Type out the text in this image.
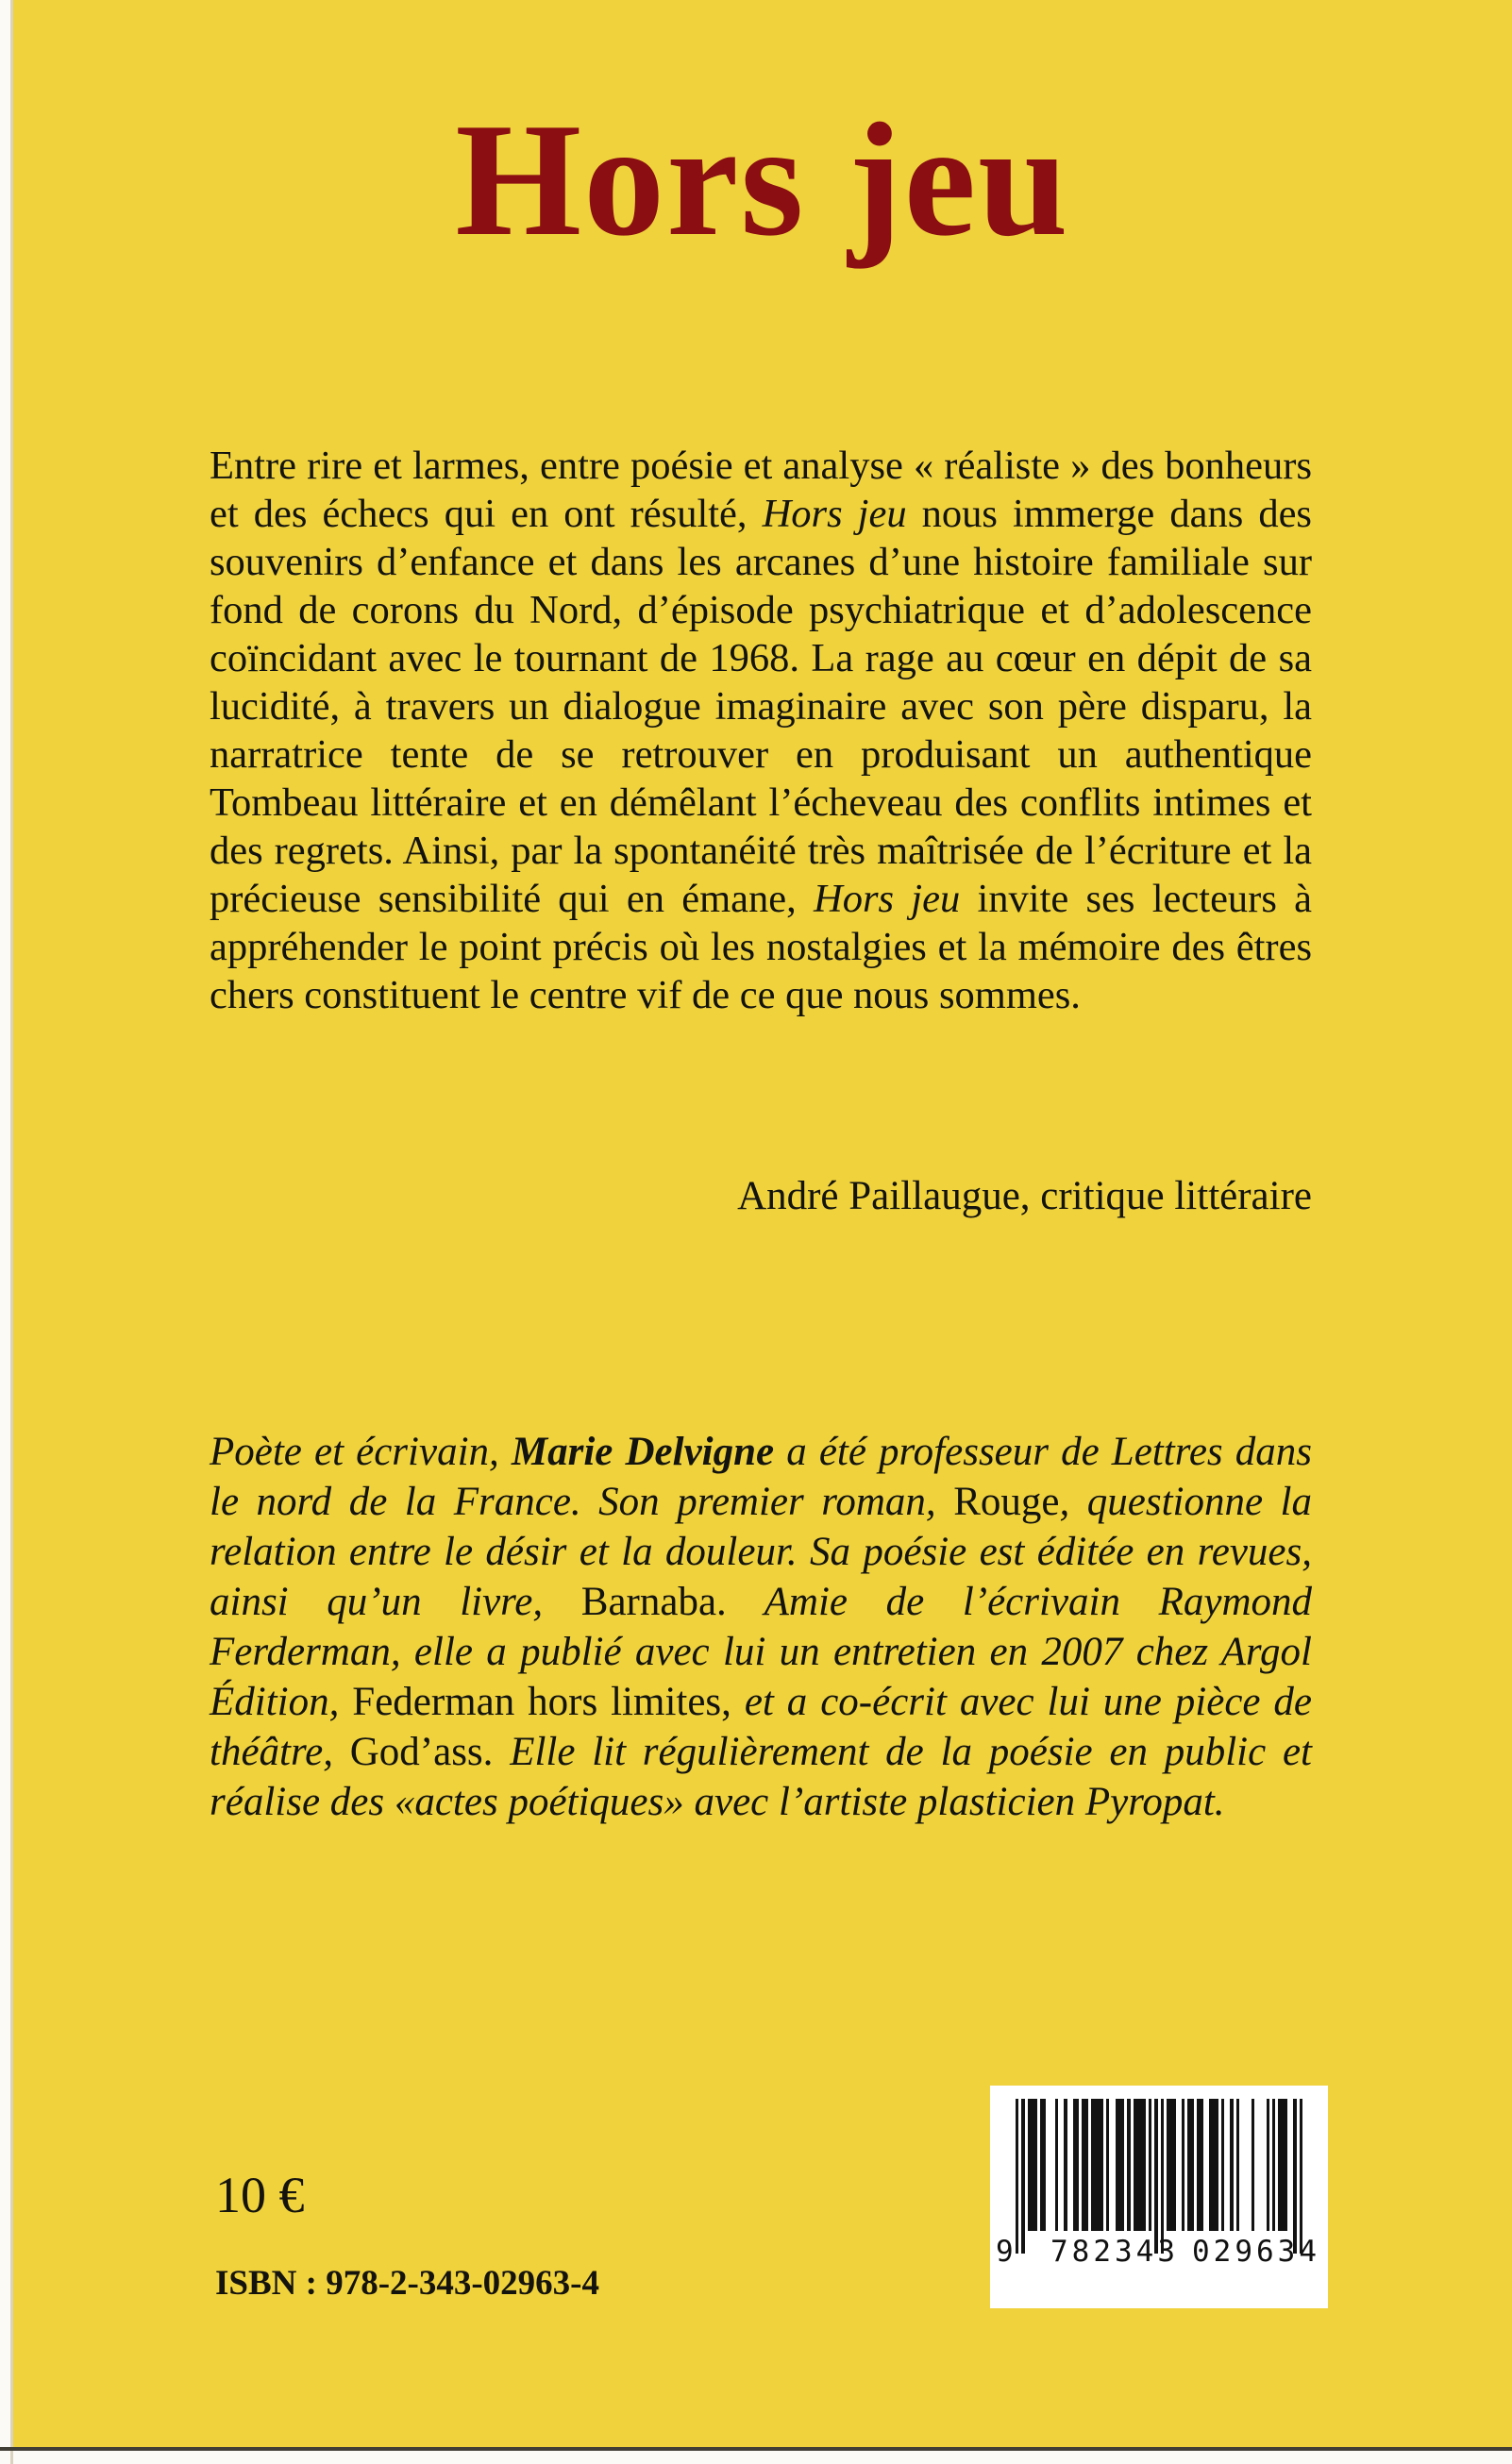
Hors jeu

Entre rire et larmes, entre poésie et analyse « réaliste » des bonheurs et des échecs qui en ont résulté, Hors jeu nous immerge dans des souvenirs d’enfance et dans les arcanes d’une histoire familiale sur fond de corons du Nord, d’épisode psychiatrique et d’adolescence coïncidant avec le tournant de 1968. La rage au cœur en dépit de sa lucidité, à travers un dialogue imaginaire avec son père disparu, la narratrice tente de se retrouver en produisant un authentique Tombeau littéraire et en démêlant l’écheveau des conflits intimes et des regrets. Ainsi, par la spontanéité très maîtrisée de l’écriture et la précieuse sensibilité qui en émane, Hors jeu invite ses lecteurs à appréhender le point précis où les nostalgies et la mémoire des êtres chers constituent le centre vif de ce que nous sommes.

André Paillaugue, critique littéraire

Poète et écrivain, Marie Delvigne a été professeur de Lettres dans le nord de la France. Son premier roman, Rouge, questionne la relation entre le désir et la douleur. Sa poésie est éditée en revues, ainsi qu’un livre, Barnaba. Amie de l’écrivain Raymond Ferderman, elle a publié avec lui un entretien en 2007 chez Argol Édition, Federman hors limites, et a co-écrit avec lui une pièce de théâtre, God’ass. Elle lit régulièrement de la poésie en public et réalise des «actes poétiques» avec l’artiste plasticien Pyropat.

10 €
ISBN : 978-2-343-02963-4
9 782343 029634
